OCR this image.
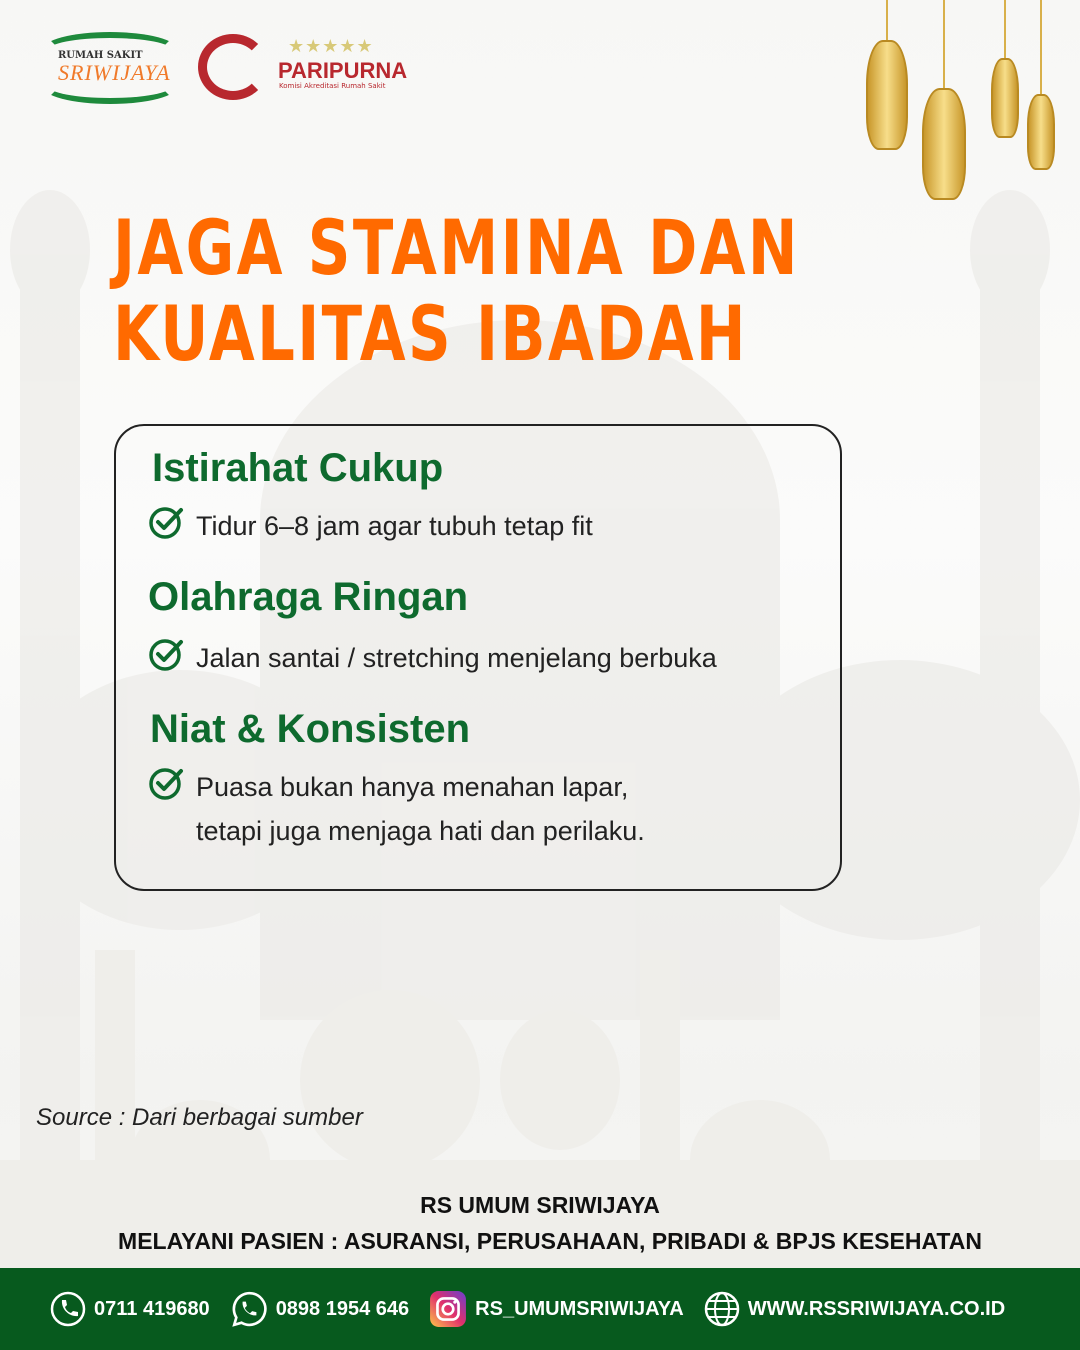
RUMAH SAKIT
SRIWIJAYA
★★★★★
PARIPURNA
Komisi Akreditasi Rumah Sakit
JAGA STAMINA DAN
KUALITAS IBADAH
Istirahat Cukup
Tidur 6–8 jam agar tubuh tetap fit
Olahraga Ringan
Jalan santai / stretching menjelang berbuka
Niat & Konsisten
Puasa bukan hanya menahan lapar,
tetapi juga menjaga hati dan perilaku.
Source : Dari berbagai sumber
RS UMUM SRIWIJAYA
MELAYANI PASIEN : ASURANSI, PERUSAHAAN, PRIBADI & BPJS KESEHATAN
0711 419680	0898 1954 646	RS_UMUMSRIWIJAYA	WWW.RSSRIWIJAYA.CO.ID
